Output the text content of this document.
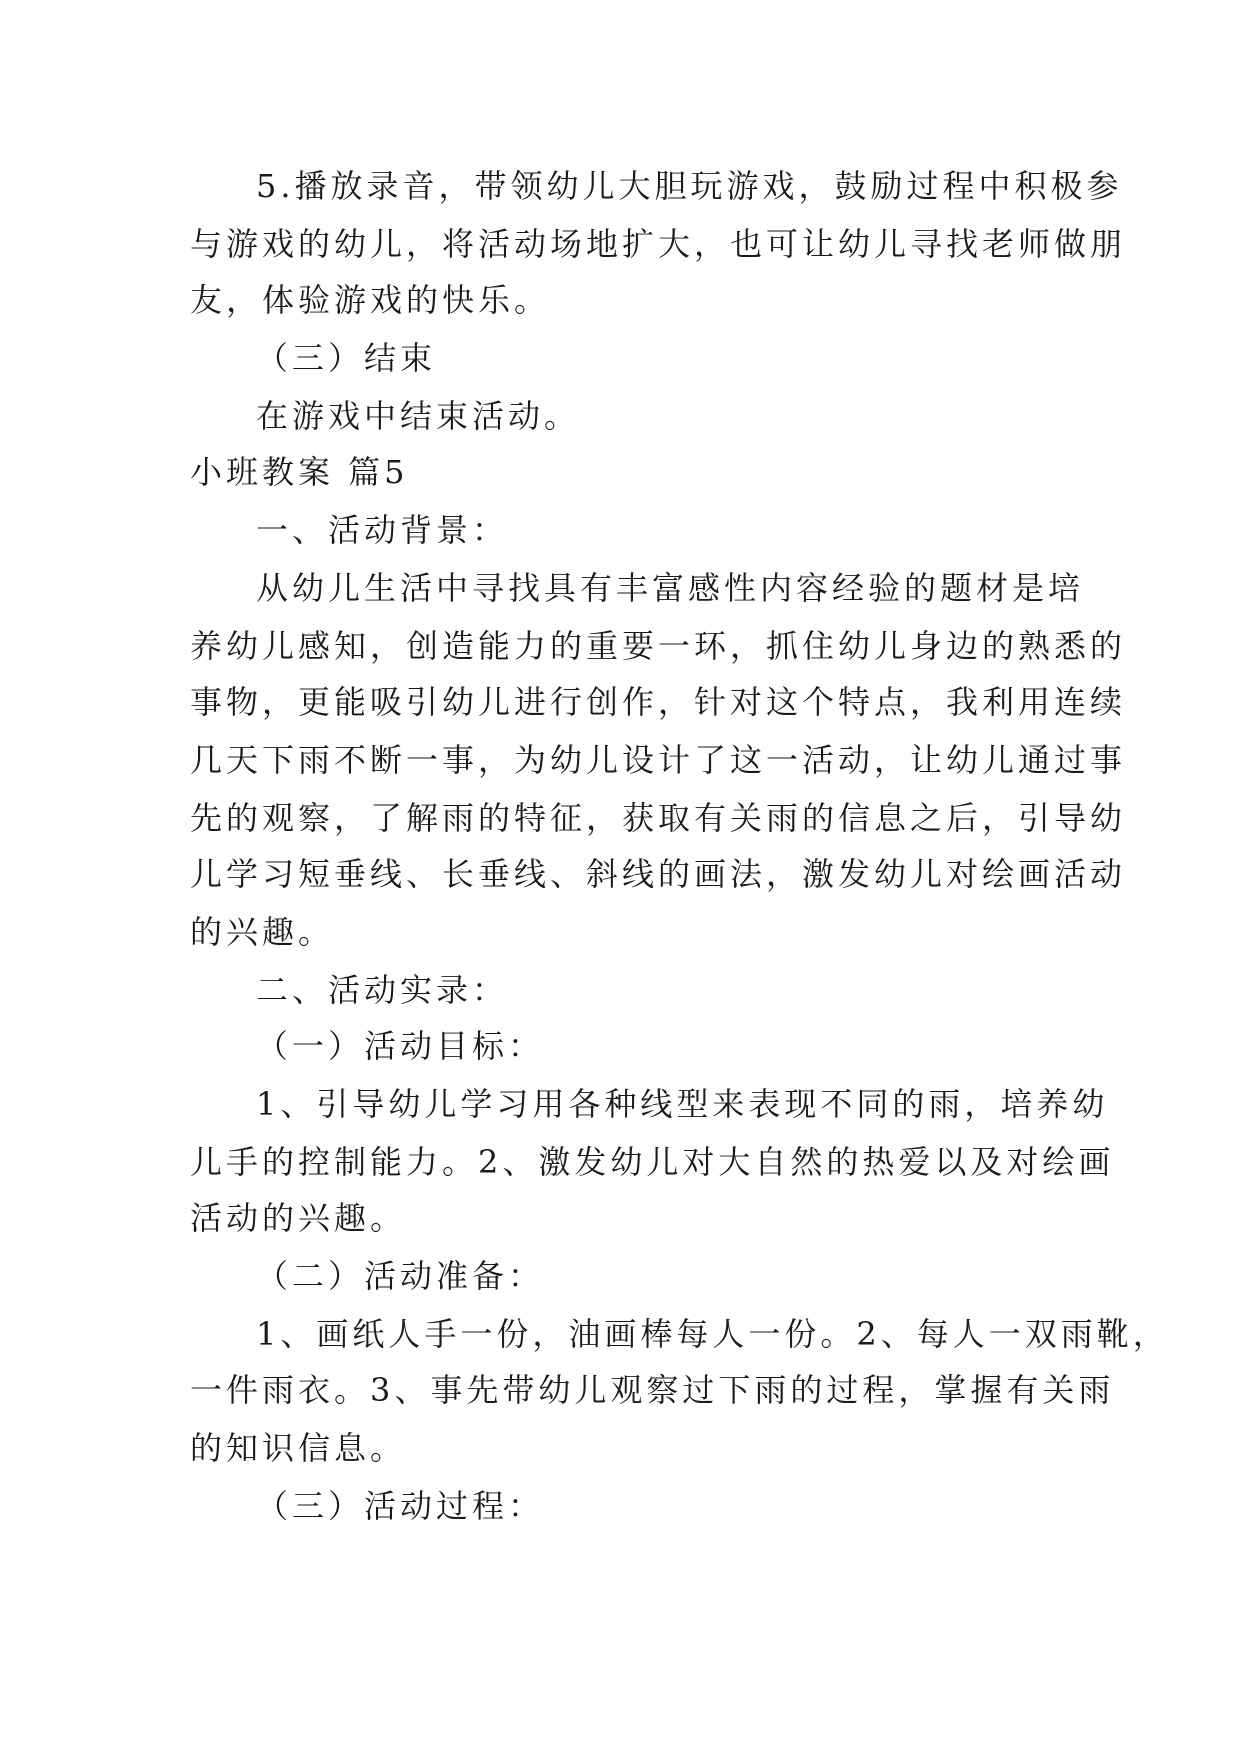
5.播放录音，带领幼儿大胆玩游戏，鼓励过程中积极参
与游戏的幼儿，将活动场地扩大，也可让幼儿寻找老师做朋
友，体验游戏的快乐。
（三）结束
在游戏中结束活动。
小班教案 篇5
一、活动背景：
从幼儿生活中寻找具有丰富感性内容经验的题材是培
养幼儿感知，创造能力的重要一环，抓住幼儿身边的熟悉的
事物，更能吸引幼儿进行创作，针对这个特点，我利用连续
几天下雨不断一事，为幼儿设计了这一活动，让幼儿通过事
先的观察，了解雨的特征，获取有关雨的信息之后，引导幼
儿学习短垂线、长垂线、斜线的画法，激发幼儿对绘画活动
的兴趣。
二、活动实录：
（一）活动目标：
1、引导幼儿学习用各种线型来表现不同的雨，培养幼
儿手的控制能力。2、激发幼儿对大自然的热爱以及对绘画
活动的兴趣。
（二）活动准备：
1、画纸人手一份，油画棒每人一份。2、每人一双雨靴，
一件雨衣。3、事先带幼儿观察过下雨的过程，掌握有关雨
的知识信息。
（三）活动过程：
